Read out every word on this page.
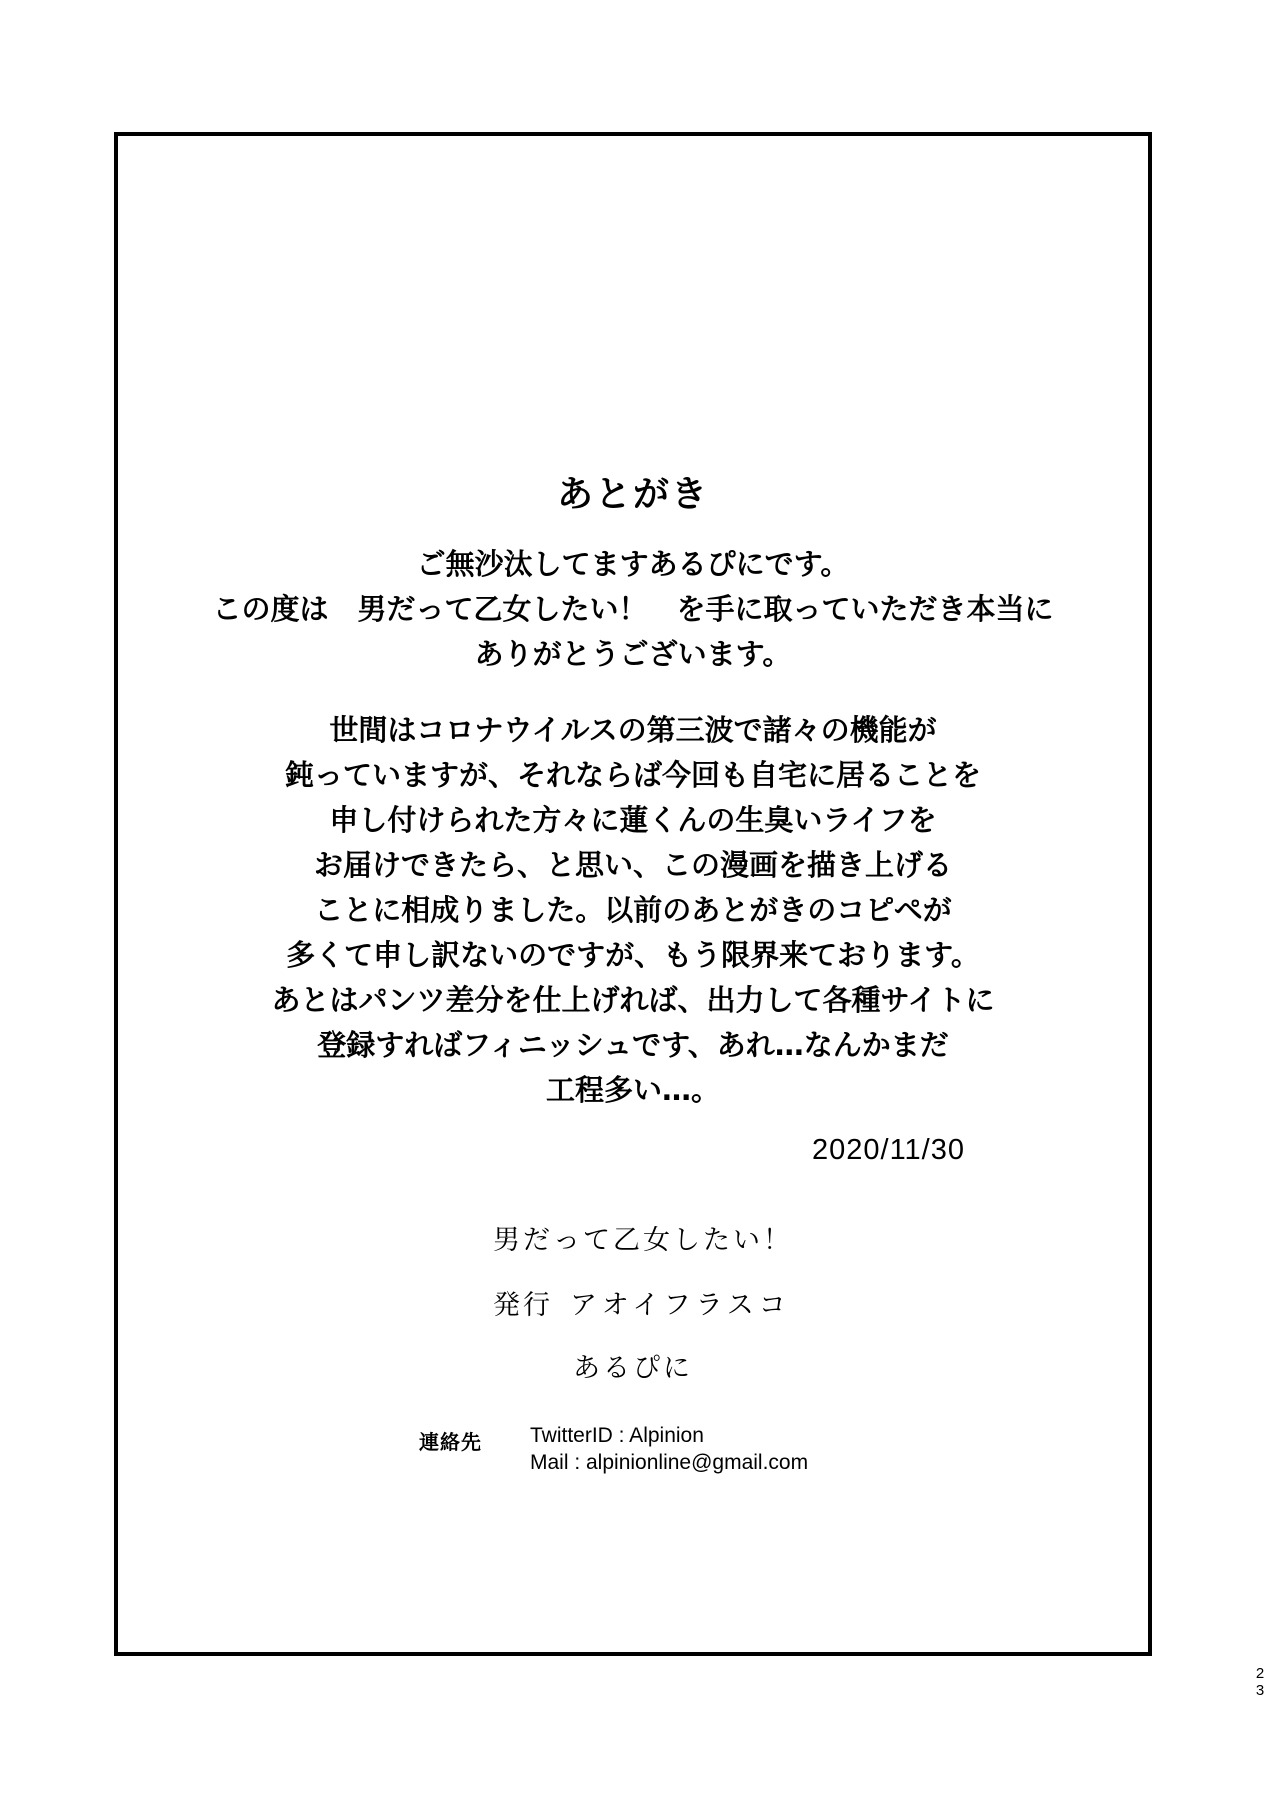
あとがき
ご無沙汰してますあるぴにです。
この度は　男だって乙女したい！　を手に取っていただき本当に
ありがとうございます。
世間はコロナウイルスの第三波で諸々の機能が
鈍っていますが、それならば今回も自宅に居ることを
申し付けられた方々に蓮くんの生臭いライフを
お届けできたら、と思い、この漫画を描き上げる
ことに相成りました。以前のあとがきのコピペが
多くて申し訳ないのですが、もう限界来ております。
あとはパンツ差分を仕上げれば、出力して各種サイトに
登録すればフィニッシュです、あれ…なんかまだ
工程多い…。
2020/11/30
男だって乙女したい！
発行 アオイフラスコ
あるぴに
連絡先 TwitterID : Alpinion
Mail : alpinionline@gmail.com
2
3
